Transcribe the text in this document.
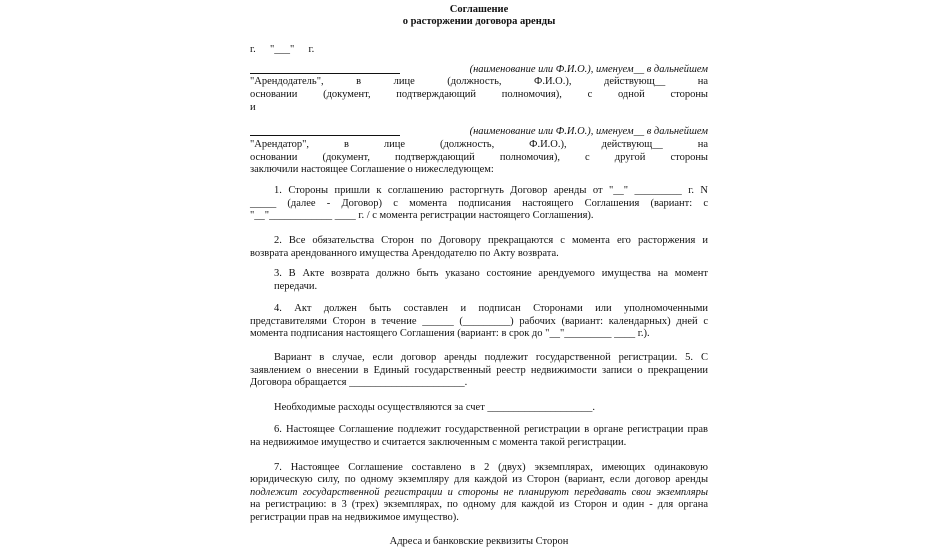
Соглашение
о расторжении договора аренды
г. "___" г.
(наименование или Ф.И.О.), именуем__ в дальнейшем
"Арендодатель", в лице (должность, Ф.И.О.), действующ__ на
основании (документ, подтверждающий полномочия), с одной стороны
и
(наименование или Ф.И.О.), именуем__ в дальнейшем
"Арендатор", в лице (должность, Ф.И.О.), действующ__ на
основании (документ, подтверждающий полномочия), с другой стороны
заключили настоящее Соглашение о нижеследующем:
1. Стороны пришли к соглашению расторгнуть Договор аренды от "__" _________ г. N
_____ (далее - Договор) с момента подписания настоящего Соглашения (вариант: с
"__"____________ ____ г. / с момента регистрации настоящего Соглашения).
2. Все обязательства Сторон по Договору прекращаются с момента его расторжения и
возврата арендованного имущества Арендодателю по Акту возврата.
3. В Акте возврата должно быть указано состояние арендуемого имущества на момент
передачи.
4. Акт должен быть составлен и подписан Сторонами или уполномоченными
представителями Сторон в течение ______ (_________) рабочих (вариант: календарных) дней с
момента подписания настоящего Соглашения (вариант: в срок до "__"_________ ____ г.).
Вариант в случае, если договор аренды подлежит государственной регистрации. 5. С
заявлением о внесении в Единый государственный реестр недвижимости записи о прекращении
Договора обращается ______________________.
Необходимые расходы осуществляются за счет ____________________.
6. Настоящее Соглашение подлежит государственной регистрации в органе регистрации прав
на недвижимое имущество и считается заключенным с момента такой регистрации.
7. Настоящее Соглашение составлено в 2 (двух) экземплярах, имеющих одинаковую
юридическую силу, по одному экземпляру для каждой из Сторон (вариант, если договор аренды
подлежит государственной регистрации и стороны не планируют передавать свои экземпляры
на регистрацию: в 3 (трех) экземплярах, по одному для каждой из Сторон и один - для органа
регистрации прав на недвижимое имущество).
Адреса и банковские реквизиты Сторон
